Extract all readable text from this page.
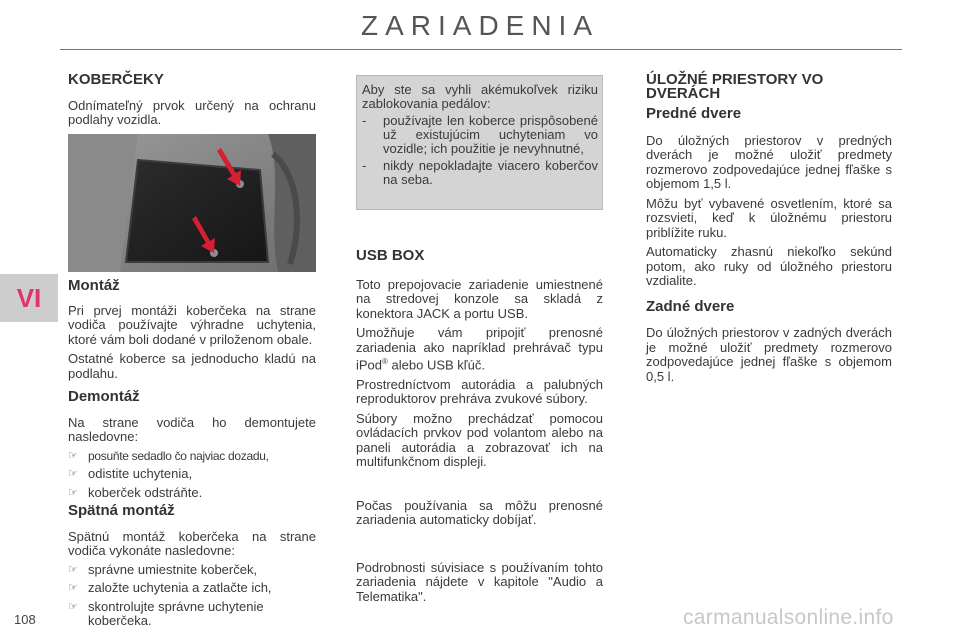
ZARIADENIA
VI
KOBERČEKY

Odnímateľný prvok určený na ochranu podlahy vozidla.

Montáž

Pri prvej montáži koberčeka na strane vodiča používajte výhradne uchytenia, ktoré vám boli dodané v priloženom obale.

Ostatné koberce sa jednoducho kladú na podlahu.

Demontáž

Na strane vodiča ho demontujete nasledovne:

☞ posuňte sedadlo čo najviac dozadu,
☞ odistite uchytenia,
☞ koberček odstráňte.
Spätná montáž

Spätnú montáž koberčeka na strane vodiča vykonáte nasledovne:

☞ správne umiestnite koberček,
☞ založte uchytenia a zatlačte ich,
☞ skontrolujte správne uchytenie koberčeka.

Aby ste sa vyhli akémukoľvek riziku zablokovania pedálov:

-	používajte len koberce prispôsobené už existujúcim uchyteniam vo vozidle; ich použitie je nevyhnutné,
-	nikdy nepokladajte viacero koberčov na seba.
USB BOX

Toto prepojovacie zariadenie umiestnené na stredovej konzole sa skladá z konektora JACK a portu USB.

Umožňuje vám pripojiť prenosné zariadenia ako napríklad prehrávač typu iPod® alebo USB kľúč.

Prostredníctvom autorádia a palubných reproduktorov prehráva zvukové súbory.

Súbory možno prechádzať pomocou ovládacích prvkov pod volantom alebo na paneli autorádia a zobrazovať ich na multifunkčnom displeji.

Počas používania sa môžu prenosné zariadenia automaticky dobíjať.

Podrobnosti súvisiace s používaním tohto zariadenia nájdete v kapitole "Audio a Telematika".

ÚLOŽNÉ PRIESTORY VO DVERÁCH
Predné dvere

Do úložných priestorov v predných dverách je možné uložiť predmety rozmerovo zodpovedajúce jednej fľaške s objemom 1,5 l.

Môžu byť vybavené osvetlením, ktoré sa rozsvieti, keď k úložnému priestoru priblížite ruku.

Automaticky zhasnú niekoľko sekúnd potom, ako ruky od úložného priestoru vzdialite.

Zadné dvere

Do úložných priestorov v zadných dverách je možné uložiť predmety rozmerovo zodpovedajúce jednej fľaške s objemom 0,5 l.

108	carmanualsonline.info
